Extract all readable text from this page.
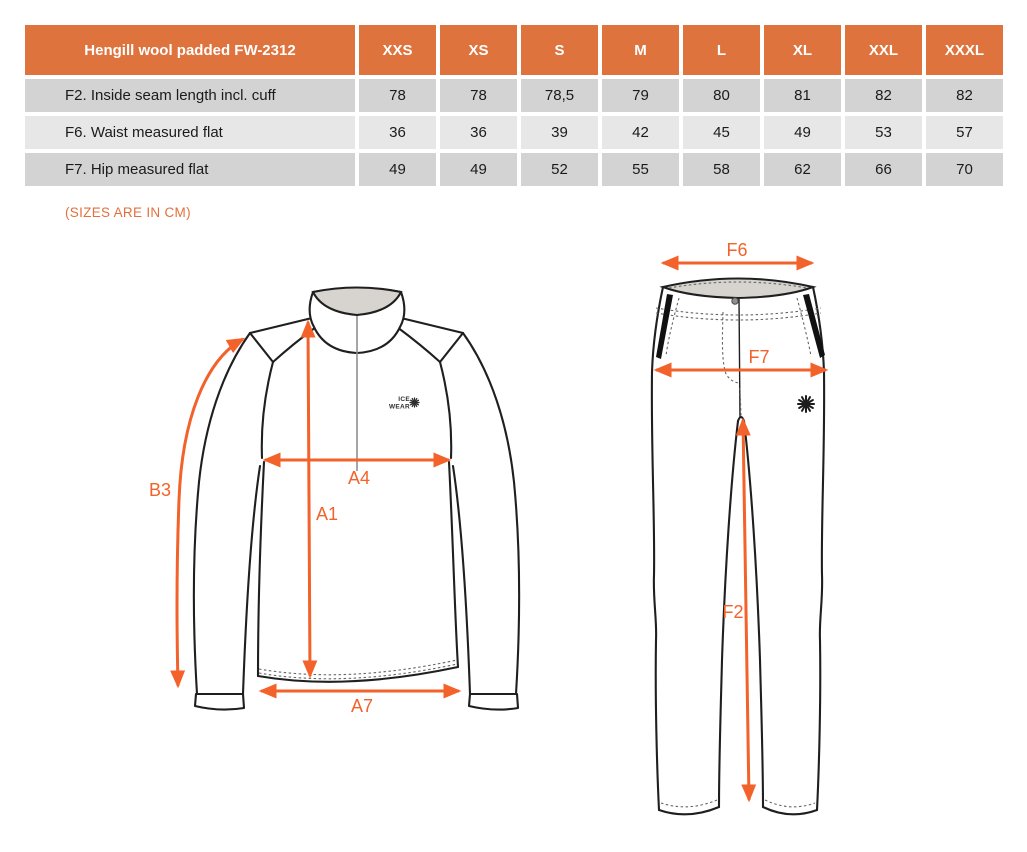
ICE
WEAR
B3
A4
A1
A7
F6
F7
F2
Hengill wool padded FW-2312	XXS	XS	S	M	L	XL	XXL	XXXL
F2. Inside seam length incl. cuff	78	78	78,5	79	80	81	82	82
F6. Waist measured flat	36	36	39	42	45	49	53	57
F7. Hip measured flat	49	49	52	55	58	62	66	70
(SIZES ARE IN CM)
